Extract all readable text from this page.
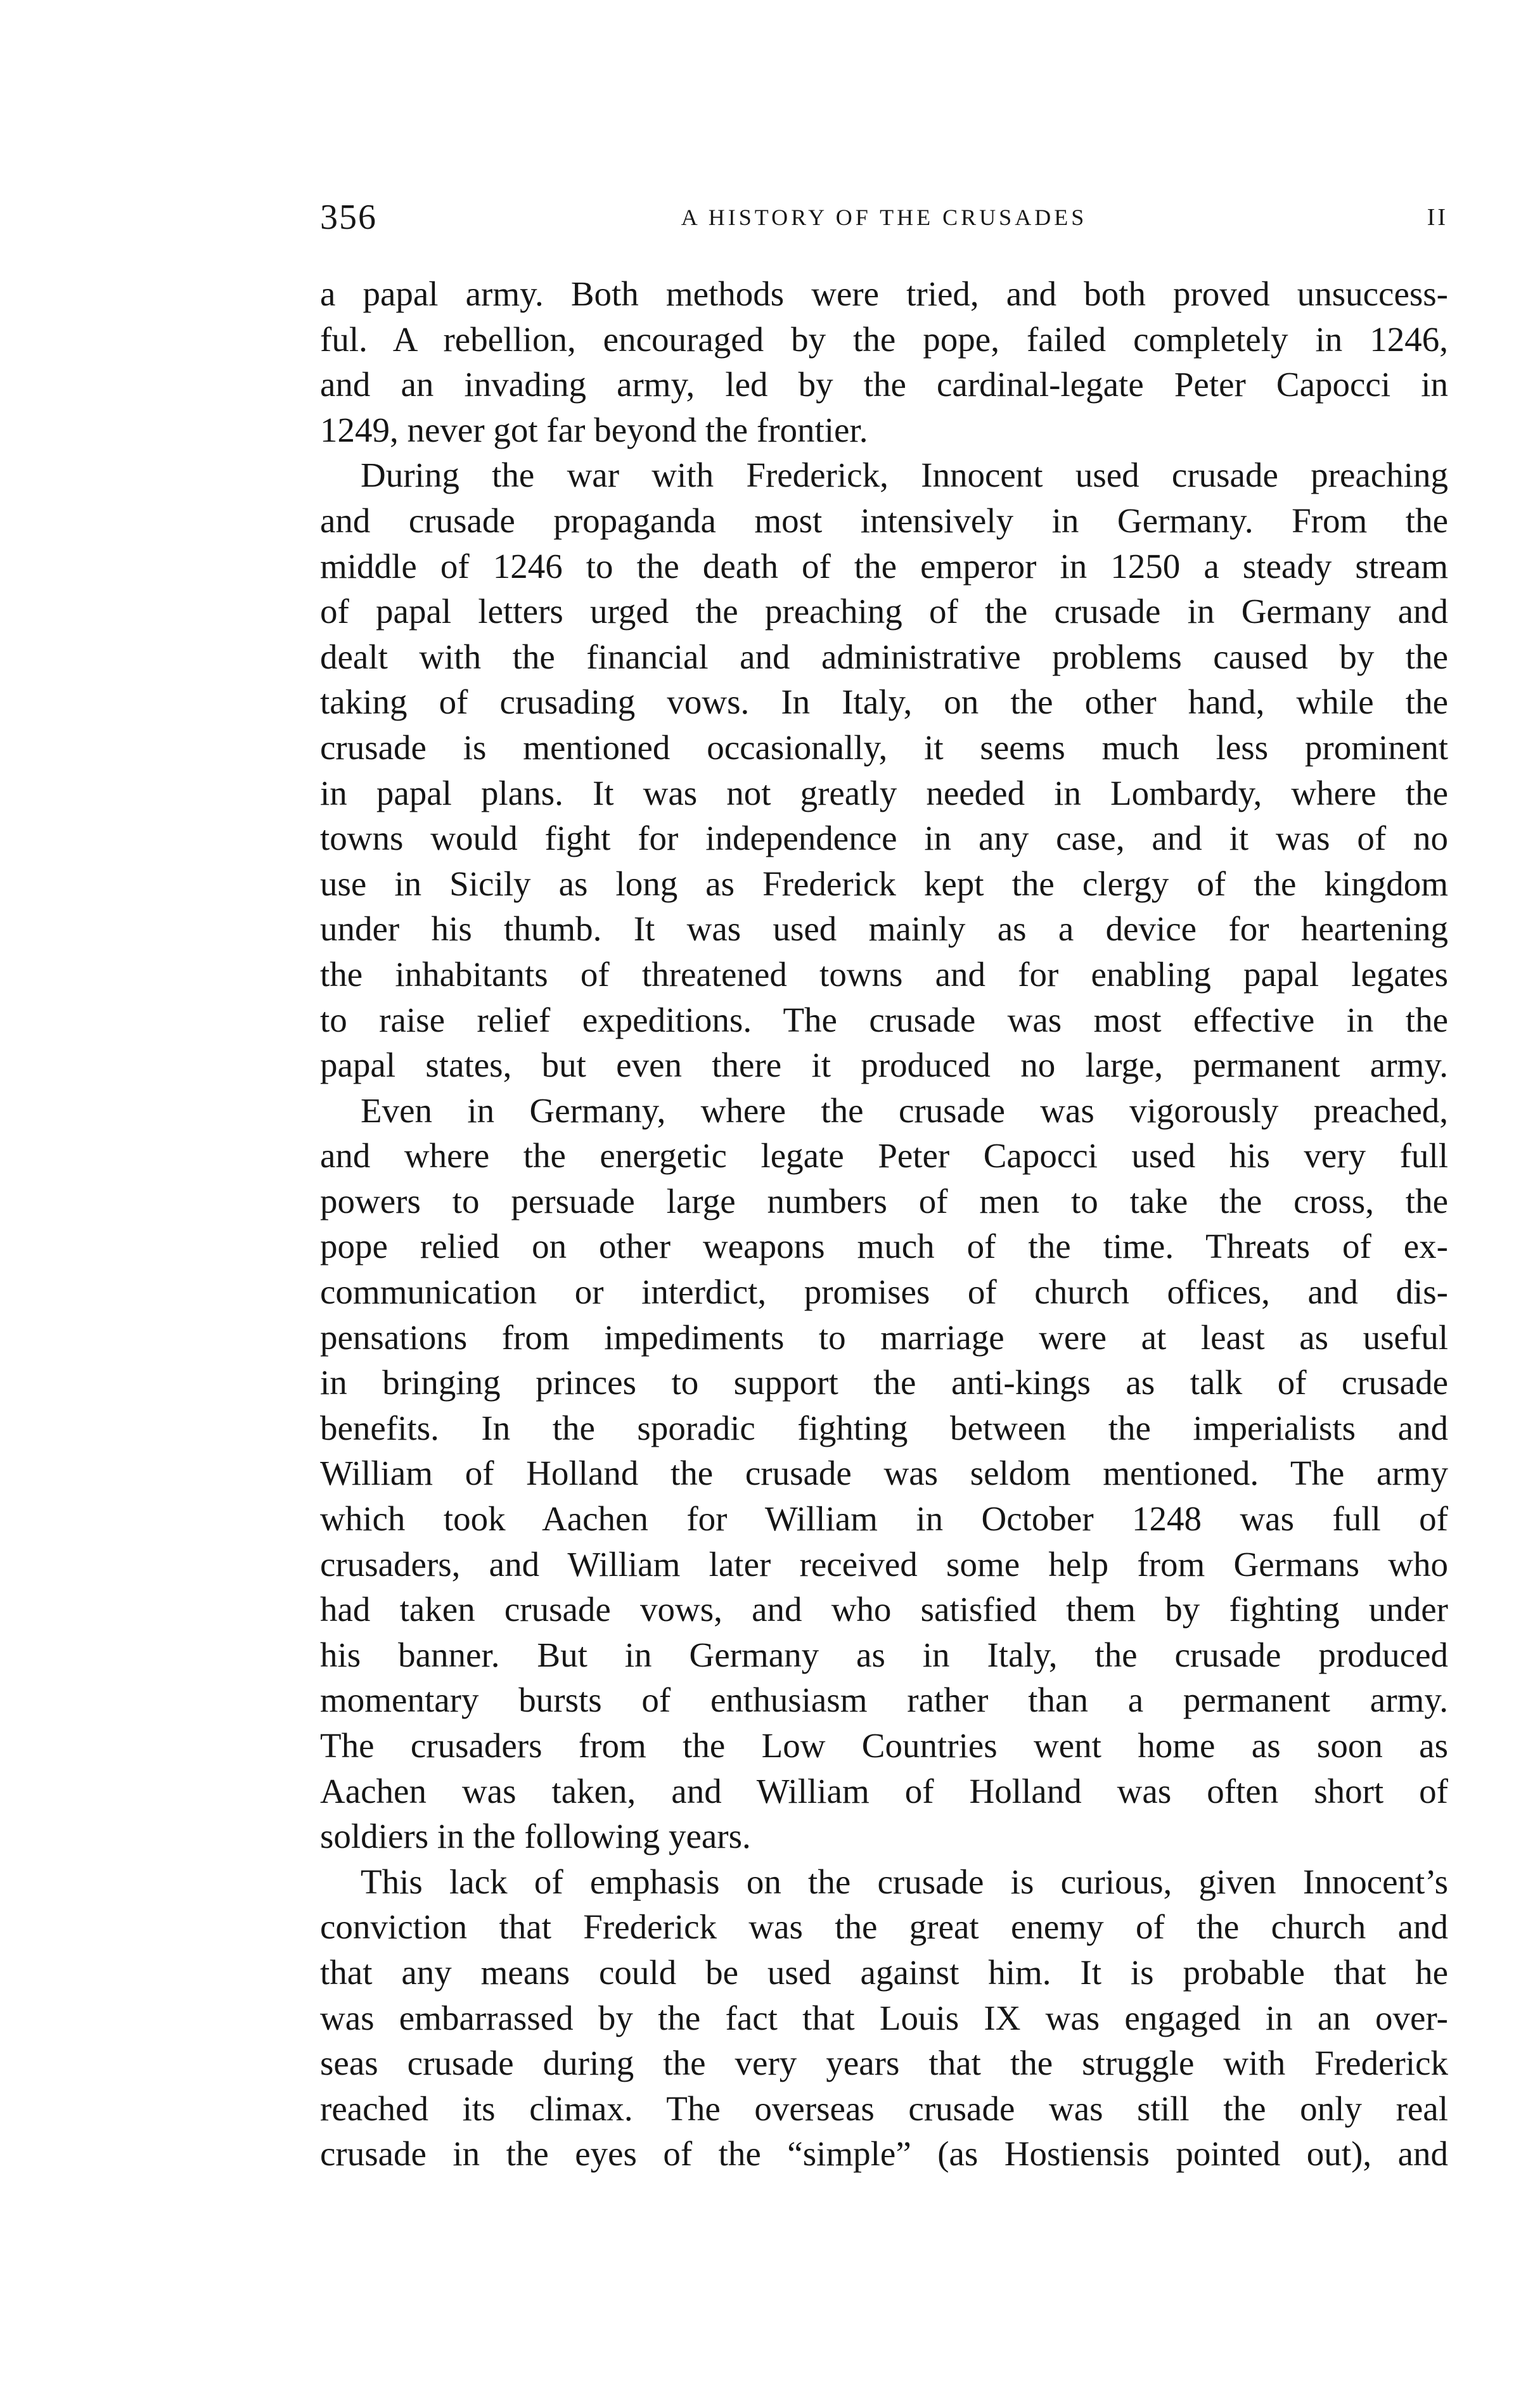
356	A HISTORY OF THE CRUSADES	II
a papal army. Both methods were tried, and both proved unsuccess-
ful. A rebellion, encouraged by the pope, failed completely in 1246,
and an invading army, led by the cardinal-legate Peter Capocci in
1249, never got far beyond the frontier.
During the war with Frederick, Innocent used crusade preaching
and crusade propaganda most intensively in Germany. From the
middle of 1246 to the death of the emperor in 1250 a steady stream
of papal letters urged the preaching of the crusade in Germany and
dealt with the financial and administrative problems caused by the
taking of crusading vows. In Italy, on the other hand, while the
crusade is mentioned occasionally, it seems much less prominent
in papal plans. It was not greatly needed in Lombardy, where the
towns would fight for independence in any case, and it was of no
use in Sicily as long as Frederick kept the clergy of the kingdom
under his thumb. It was used mainly as a device for heartening
the inhabitants of threatened towns and for enabling papal legates
to raise relief expeditions. The crusade was most effective in the
papal states, but even there it produced no large, permanent army.
Even in Germany, where the crusade was vigorously preached,
and where the energetic legate Peter Capocci used his very full
powers to persuade large numbers of men to take the cross, the
pope relied on other weapons much of the time. Threats of ex-
communication or interdict, promises of church offices, and dis-
pensations from impediments to marriage were at least as useful
in bringing princes to support the anti-kings as talk of crusade
benefits. In the sporadic fighting between the imperialists and
William of Holland the crusade was seldom mentioned. The army
which took Aachen for William in October 1248 was full of
crusaders, and William later received some help from Germans who
had taken crusade vows, and who satisfied them by fighting under
his banner. But in Germany as in Italy, the crusade produced
momentary bursts of enthusiasm rather than a permanent army.
The crusaders from the Low Countries went home as soon as
Aachen was taken, and William of Holland was often short of
soldiers in the following years.
This lack of emphasis on the crusade is curious, given Innocent’s
conviction that Frederick was the great enemy of the church and
that any means could be used against him. It is probable that he
was embarrassed by the fact that Louis IX was engaged in an over-
seas crusade during the very years that the struggle with Frederick
reached its climax. The overseas crusade was still the only real
crusade in the eyes of the “simple” (as Hostiensis pointed out), and
